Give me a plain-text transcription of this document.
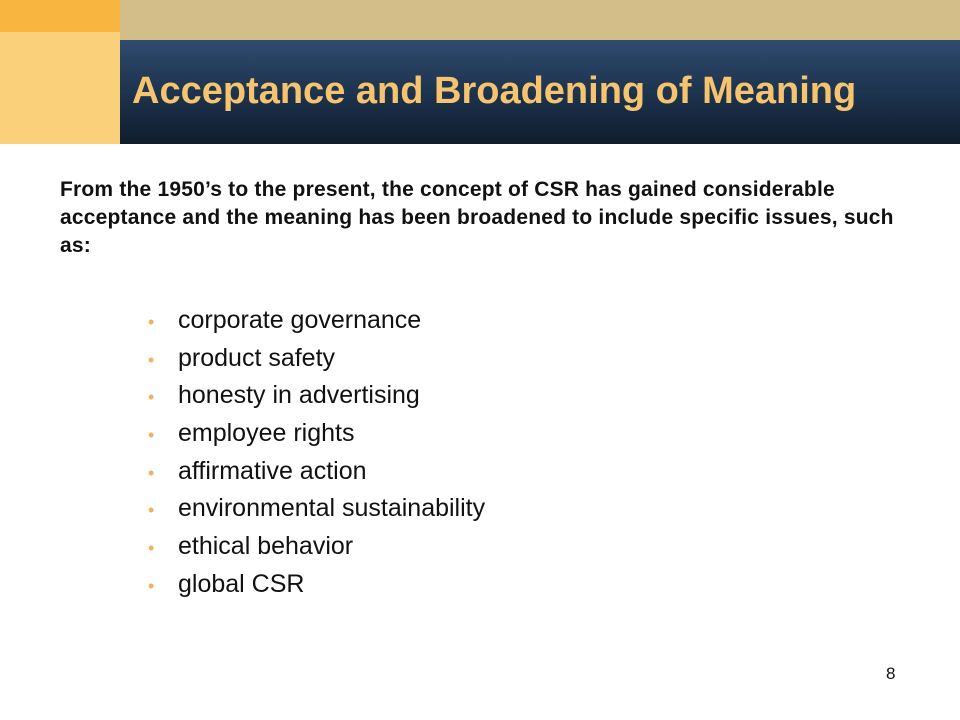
Acceptance and Broadening of Meaning

From the 1950’s to the present, the concept of CSR has gained considerable acceptance and the meaning has been broadened to include specific issues, such as:

• corporate governance
• product safety
• honesty in advertising
• employee rights
• affirmative action
• environmental sustainability
• ethical behavior
• global CSR
8
